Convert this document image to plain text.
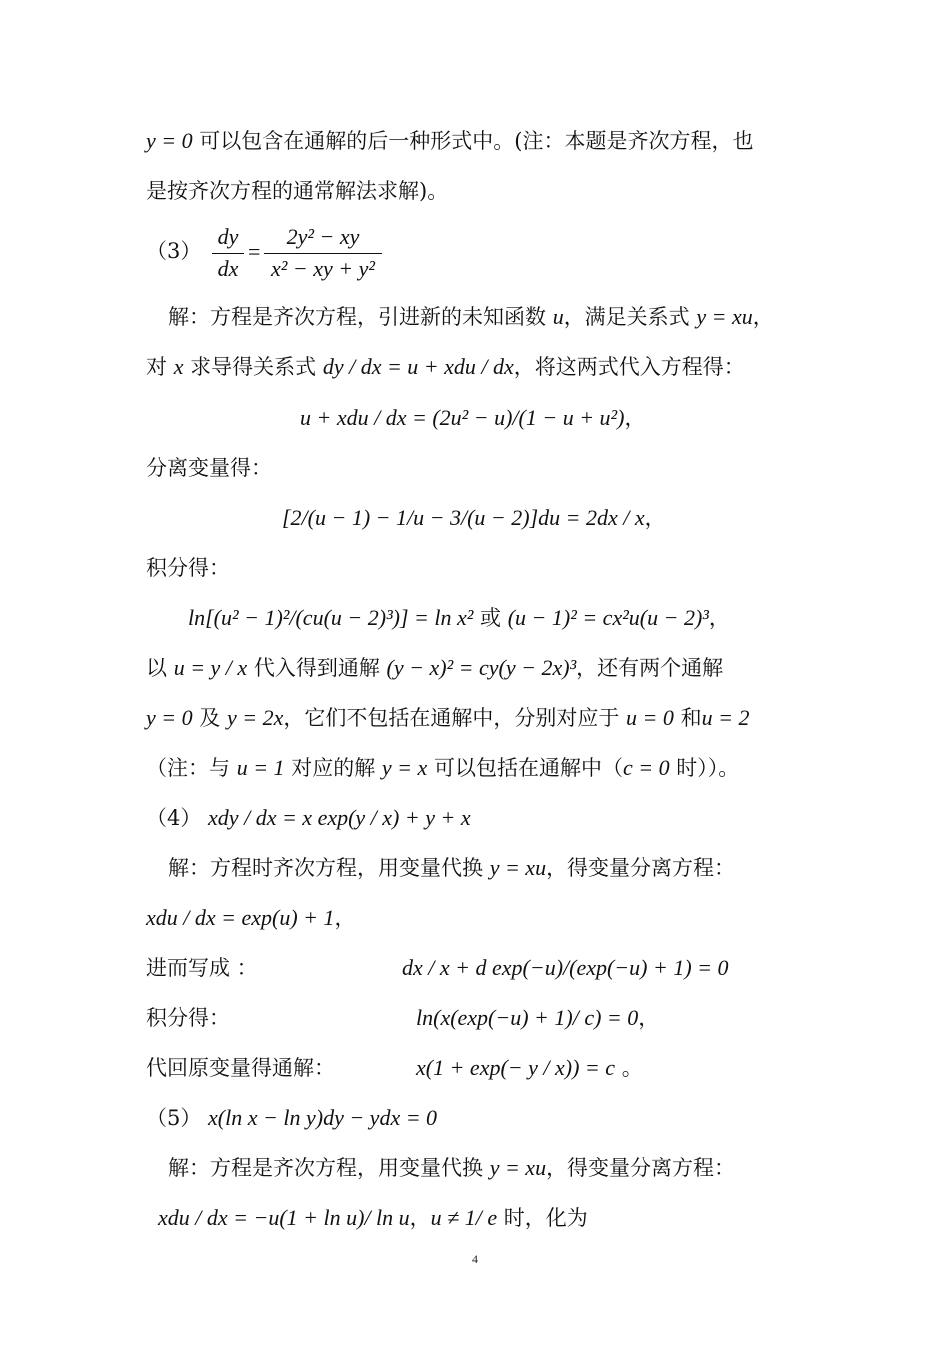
y = 0 可以包含在通解的后一种形式中。(注：本题是齐次方程，也
是按齐次方程的通常解法求解)。
（3）
dy
dx
=
2y² − xy
x² − xy + y²
解：方程是齐次方程，引进新的未知函数 u，满足关系式 y = xu，
对 x 求导得关系式 dy / dx = u + xdu / dx，将这两式代入方程得：
u + xdu / dx = (2u² − u)/(1 − u + u²)，
分离变量得：
[2/(u − 1) − 1/u − 3/(u − 2)]du = 2dx / x，
积分得：
ln[(u² − 1)²/(cu(u − 2)³)] = ln x² 或 (u − 1)² = cx²u(u − 2)³，
以 u = y / x 代入得到通解 (y − x)² = cy(y − 2x)³，还有两个通解
y = 0 及 y = 2x，它们不包括在通解中，分别对应于 u = 0 和u = 2
（注：与 u = 1 对应的解 y = x 可以包括在通解中（c = 0 时））。
（4） xdy / dx = x exp(y / x) + y + x
解：方程时齐次方程，用变量代换 y = xu，得变量分离方程：
xdu / dx = exp(u) + 1，
进而写成 ：	dx / x + d exp(−u)/(exp(−u) + 1) = 0
积分得：	ln(x(exp(−u) + 1)/ c) = 0，
代回原变量得通解：	x(1 + exp(− y / x)) = c 。
（5） x(ln x − ln y)dy − ydx = 0
解：方程是齐次方程，用变量代换 y = xu，得变量分离方程：
xdu / dx = −u(1 + ln u)/ ln u，u ≠ 1/ e 时，化为
4
